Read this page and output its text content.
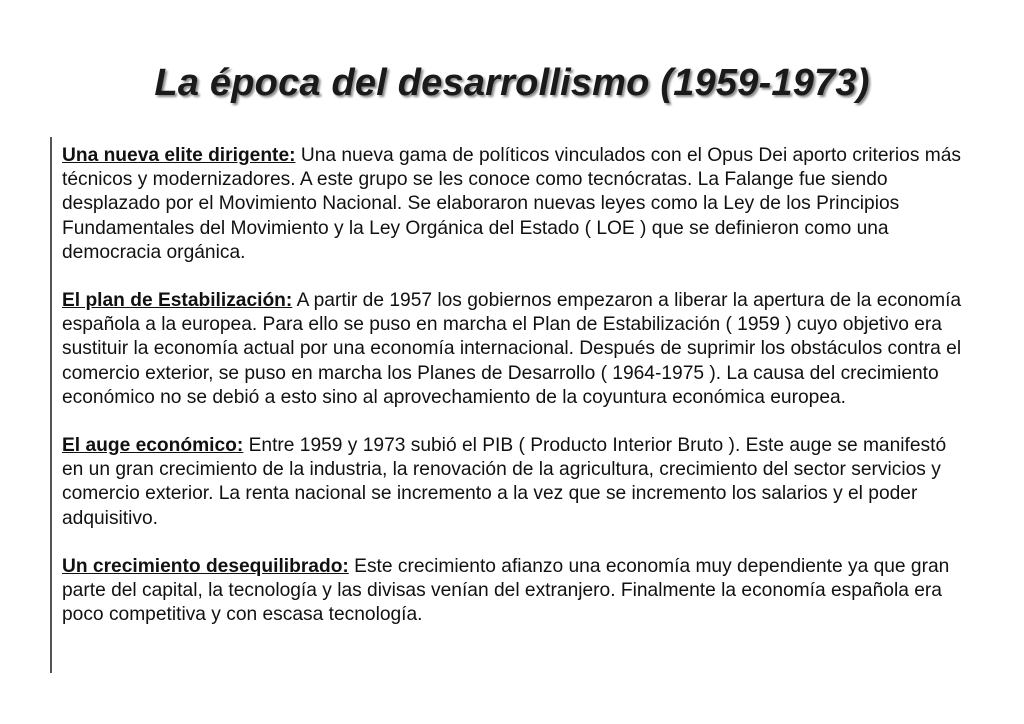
La época del desarrollismo (1959-1973)

Una nueva elite dirigente: Una nueva gama de políticos vinculados con el Opus Dei aporto criterios más técnicos y modernizadores. A este grupo se les conoce como tecnócratas. La Falange fue siendo desplazado por el Movimiento Nacional. Se elaboraron nuevas leyes como la Ley de los Principios Fundamentales del Movimiento y la Ley Orgánica del Estado ( LOE ) que se definieron como una democracia orgánica.

El plan de Estabilización: A partir de 1957 los gobiernos empezaron a liberar la apertura de la economía española a la europea. Para ello se puso en marcha el Plan de Estabilización ( 1959 ) cuyo objetivo era sustituir la economía actual por una economía internacional. Después de suprimir los obstáculos contra el comercio exterior, se puso en marcha los Planes de Desarrollo ( 1964-1975 ). La causa del crecimiento económico no se debió a esto sino al aprovechamiento de la coyuntura económica europea.

El auge económico: Entre 1959 y 1973 subió el PIB ( Producto Interior Bruto ). Este auge se manifestó en un gran crecimiento de la industria, la renovación de la agricultura, crecimiento del sector servicios y comercio exterior. La renta nacional se incremento a la vez que se incremento los salarios y el poder adquisitivo.

Un crecimiento desequilibrado: Este crecimiento afianzo una economía muy dependiente ya que gran parte del capital, la tecnología y las divisas venían del extranjero. Finalmente la economía española era poco competitiva y con escasa tecnología.
